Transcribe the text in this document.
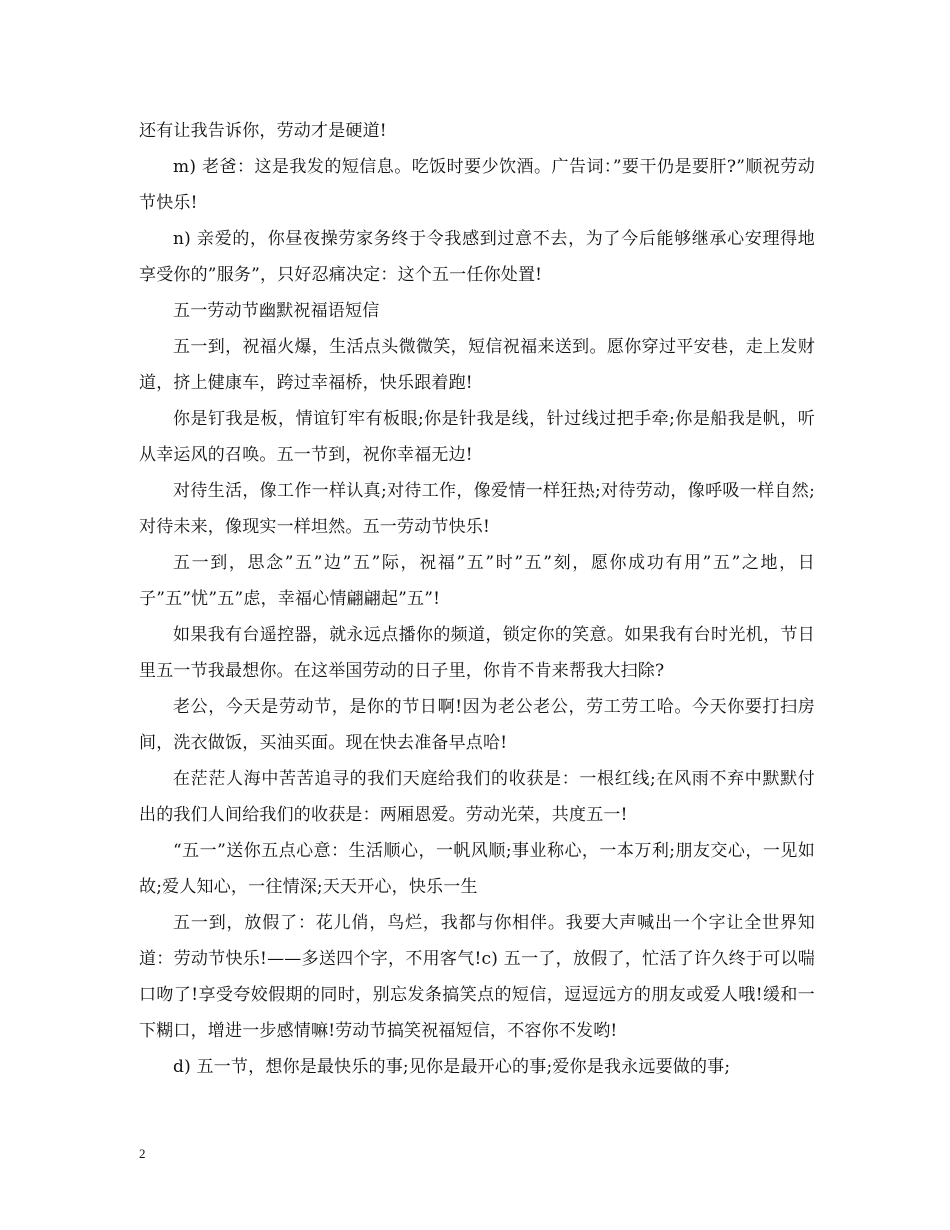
还有让我告诉你，劳动才是硬道!

m) 老爸：这是我发的短信息。吃饭时要少饮酒。广告词：”要干仍是要肝?”顺祝劳动节快乐!

n) 亲爱的，你昼夜操劳家务终于令我感到过意不去，为了今后能够继承心安理得地享受你的”服务”，只好忍痛决定：这个五一任你处置!

五一劳动节幽默祝福语短信

五一到，祝福火爆，生活点头微微笑，短信祝福来送到。愿你穿过平安巷，走上发财道，挤上健康车，跨过幸福桥，快乐跟着跑!

你是钉我是板，情谊钉牢有板眼;你是针我是线，针过线过把手牵;你是船我是帆，听从幸运风的召唤。五一节到，祝你幸福无边!

对待生活，像工作一样认真;对待工作，像爱情一样狂热;对待劳动，像呼吸一样自然;对待未来，像现实一样坦然。五一劳动节快乐!

五一到，思念”五”边”五”际，祝福”五”时”五”刻，愿你成功有用”五”之地，日子”五”忧”五”虑，幸福心情翩翩起”五”!

如果我有台遥控器，就永远点播你的频道，锁定你的笑意。如果我有台时光机，节日里五一节我最想你。在这举国劳动的日子里，你肯不肯来帮我大扫除?

老公，今天是劳动节，是你的节日啊!因为老公老公，劳工劳工哈。今天你要打扫房间，洗衣做饭，买油买面。现在快去准备早点哈!

在茫茫人海中苦苦追寻的我们天庭给我们的收获是：一根红线;在风雨不弃中默默付出的我们人间给我们的收获是：两厢恩爱。劳动光荣，共度五一!

“五一”送你五点心意：生活顺心，一帆风顺;事业称心，一本万利;朋友交心，一见如故;爱人知心，一往情深;天天开心，快乐一生

五一到，放假了：花儿俏，鸟烂，我都与你相伴。我要大声喊出一个字让全世界知道：劳动节快乐!——多送四个字，不用客气!c) 五一了，放假了，忙活了许久终于可以喘口吻了!享受夸姣假期的同时，别忘发条搞笑点的短信，逗逗远方的朋友或爱人哦!缓和一下糊口，增进一步感情嘛!劳动节搞笑祝福短信，不容你不发哟!

d) 五一节，想你是最快乐的事;见你是最开心的事;爱你是我永远要做的事;

2
